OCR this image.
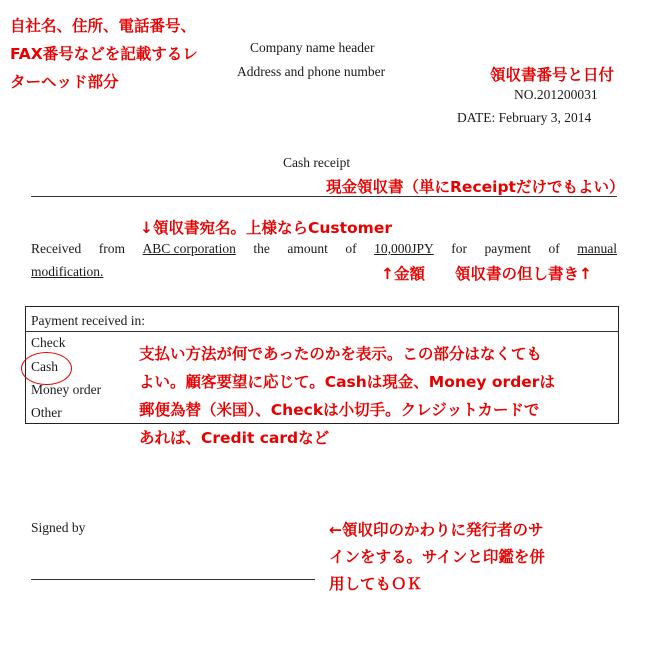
自社名、住所、電話番号、
FAX番号などを記載するレ
ターヘッド部分
Company name header
Address and phone number	領収書番号と日付
NO.201200031
DATE: February 3, 2014
Cash receipt
現金領収書（単にReceiptだけでもよい）
↓領収書宛名。上様ならCustomer
Received from ABC corporation the amount of 10,000JPY for payment of manual
modification.	↑金額 領収書の但し書き↑
Payment received in:
Check
Cash
Money order
Other
支払い方法が何であったのかを表示。この部分はなくても
よい。顧客要望に応じて。Cashは現金、Money orderは
郵便為替（米国）、Checkは小切手。クレジットカードで
あれば、Credit cardなど
Signed by	←領収印のかわりに発行者のサ
インをする。サインと印鑑を併
用してもＯＫ
